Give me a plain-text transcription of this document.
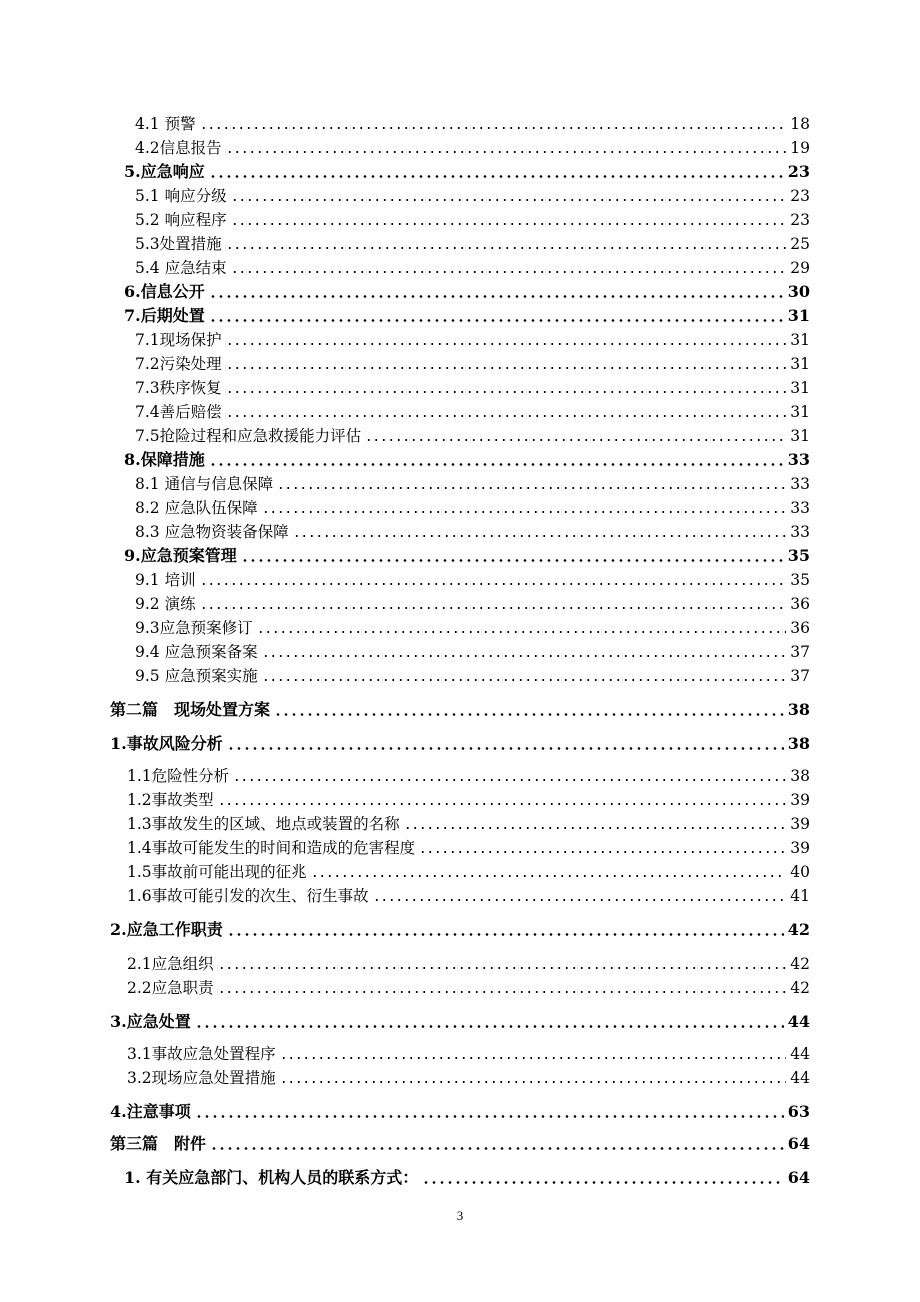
4.1 预警	18
4.2信息报告	19
5.应急响应	23
5.1 响应分级	23
5.2 响应程序	23
5.3处置措施	25
5.4 应急结束	29
6.信息公开	30
7.后期处置	31
7.1现场保护	31
7.2污染处理	31
7.3秩序恢复	31
7.4善后赔偿	31
7.5抢险过程和应急救援能力评估	31
8.保障措施	33
8.1 通信与信息保障	33
8.2 应急队伍保障	33
8.3 应急物资装备保障	33
9.应急预案管理	35
9.1 培训	35
9.2 演练	36
9.3应急预案修订	36
9.4 应急预案备案	37
9.5 应急预案实施	37
第二篇　现场处置方案	38
1.事故风险分析	38
1.1危险性分析	38
1.2事故类型	39
1.3事故发生的区域、地点或装置的名称	39
1.4事故可能发生的时间和造成的危害程度	39
1.5事故前可能出现的征兆	40
1.6事故可能引发的次生、衍生事故	41
2.应急工作职责	42
2.1应急组织	42
2.2应急职责	42
3.应急处置	44
3.1事故应急处置程序	44
3.2现场应急处置措施	44
4.注意事项	63
第三篇　附件	64
1. 有关应急部门、机构人员的联系方式：	64
3
